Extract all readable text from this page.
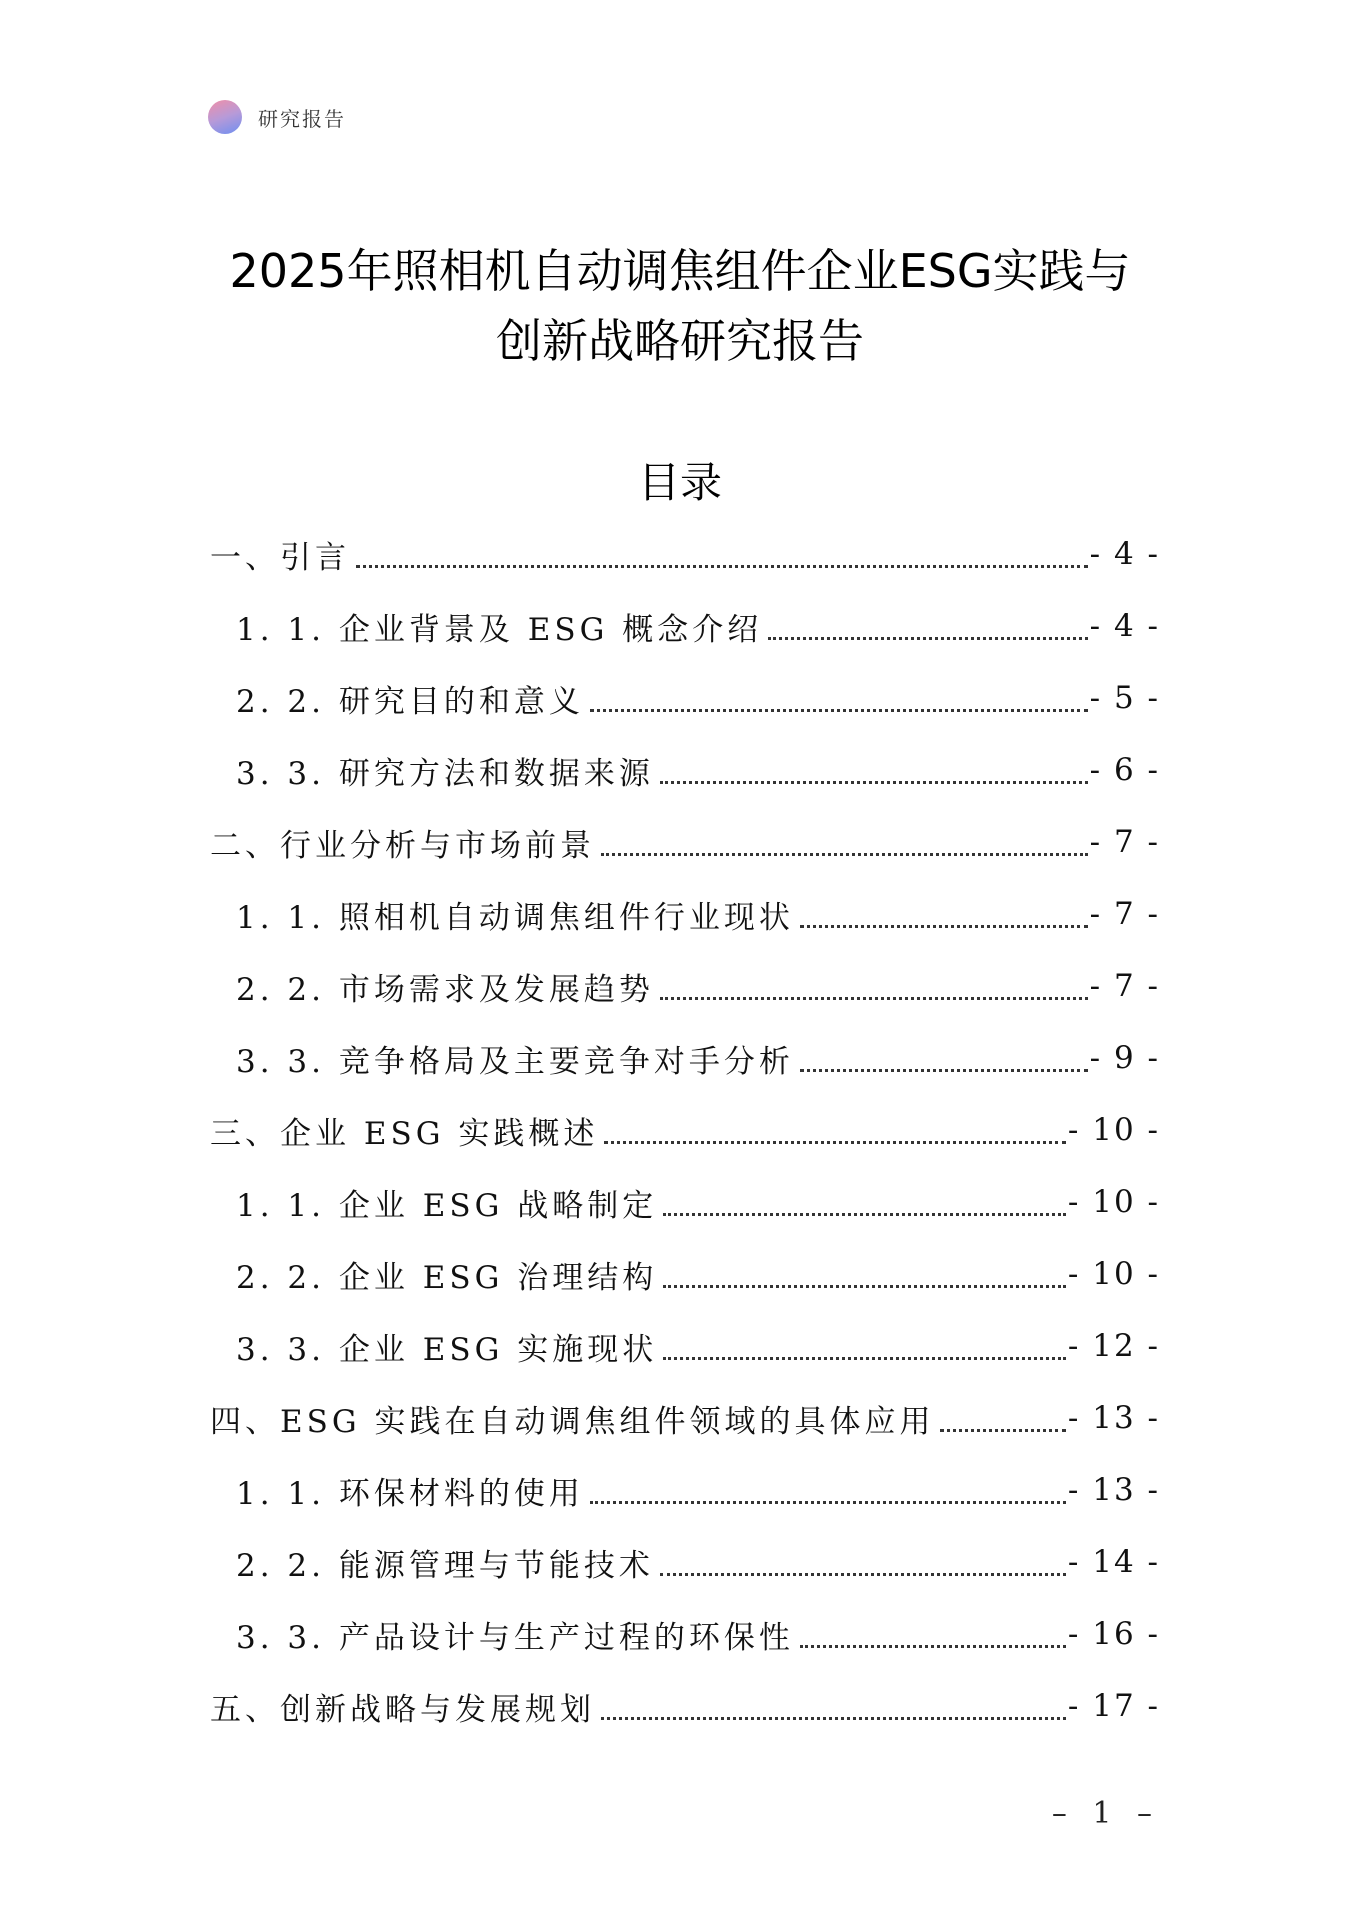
研究报告
2025年照相机自动调焦组件企业ESG实践与
创新战略研究报告
目录
一、引言	- 4 -
1. 1. 企业背景及 ESG 概念介绍	- 4 -
2. 2. 研究目的和意义	- 5 -
3. 3. 研究方法和数据来源	- 6 -
二、行业分析与市场前景	- 7 -
1. 1. 照相机自动调焦组件行业现状	- 7 -
2. 2. 市场需求及发展趋势	- 7 -
3. 3. 竞争格局及主要竞争对手分析	- 9 -
三、企业 ESG 实践概述	- 10 -
1. 1. 企业 ESG 战略制定	- 10 -
2. 2. 企业 ESG 治理结构	- 10 -
3. 3. 企业 ESG 实施现状	- 12 -
四、ESG 实践在自动调焦组件领域的具体应用	- 13 -
1. 1. 环保材料的使用	- 13 -
2. 2. 能源管理与节能技术	- 14 -
3. 3. 产品设计与生产过程的环保性	- 16 -
五、创新战略与发展规划	- 17 -
– 1 –
